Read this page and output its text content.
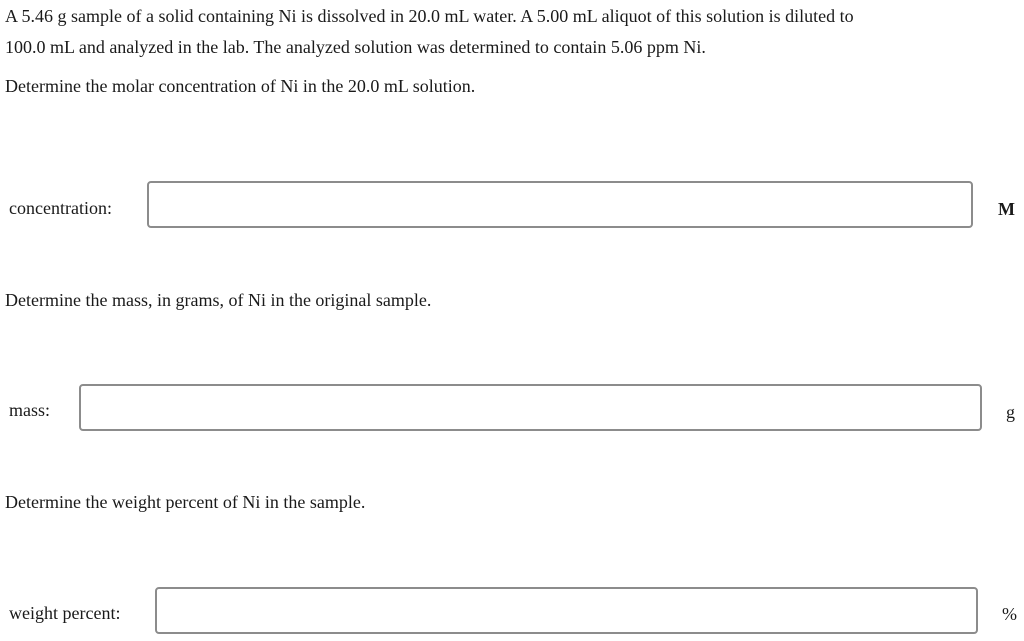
A 5.46 g sample of a solid containing Ni is dissolved in 20.0 mL water. A 5.00 mL aliquot of this solution is diluted to
100.0 mL and analyzed in the lab. The analyzed solution was determined to contain 5.06 ppm Ni.
Determine the molar concentration of Ni in the 20.0 mL solution.
concentration:	M
Determine the mass, in grams, of Ni in the original sample.
mass:	g
Determine the weight percent of Ni in the sample.
weight percent:	%
